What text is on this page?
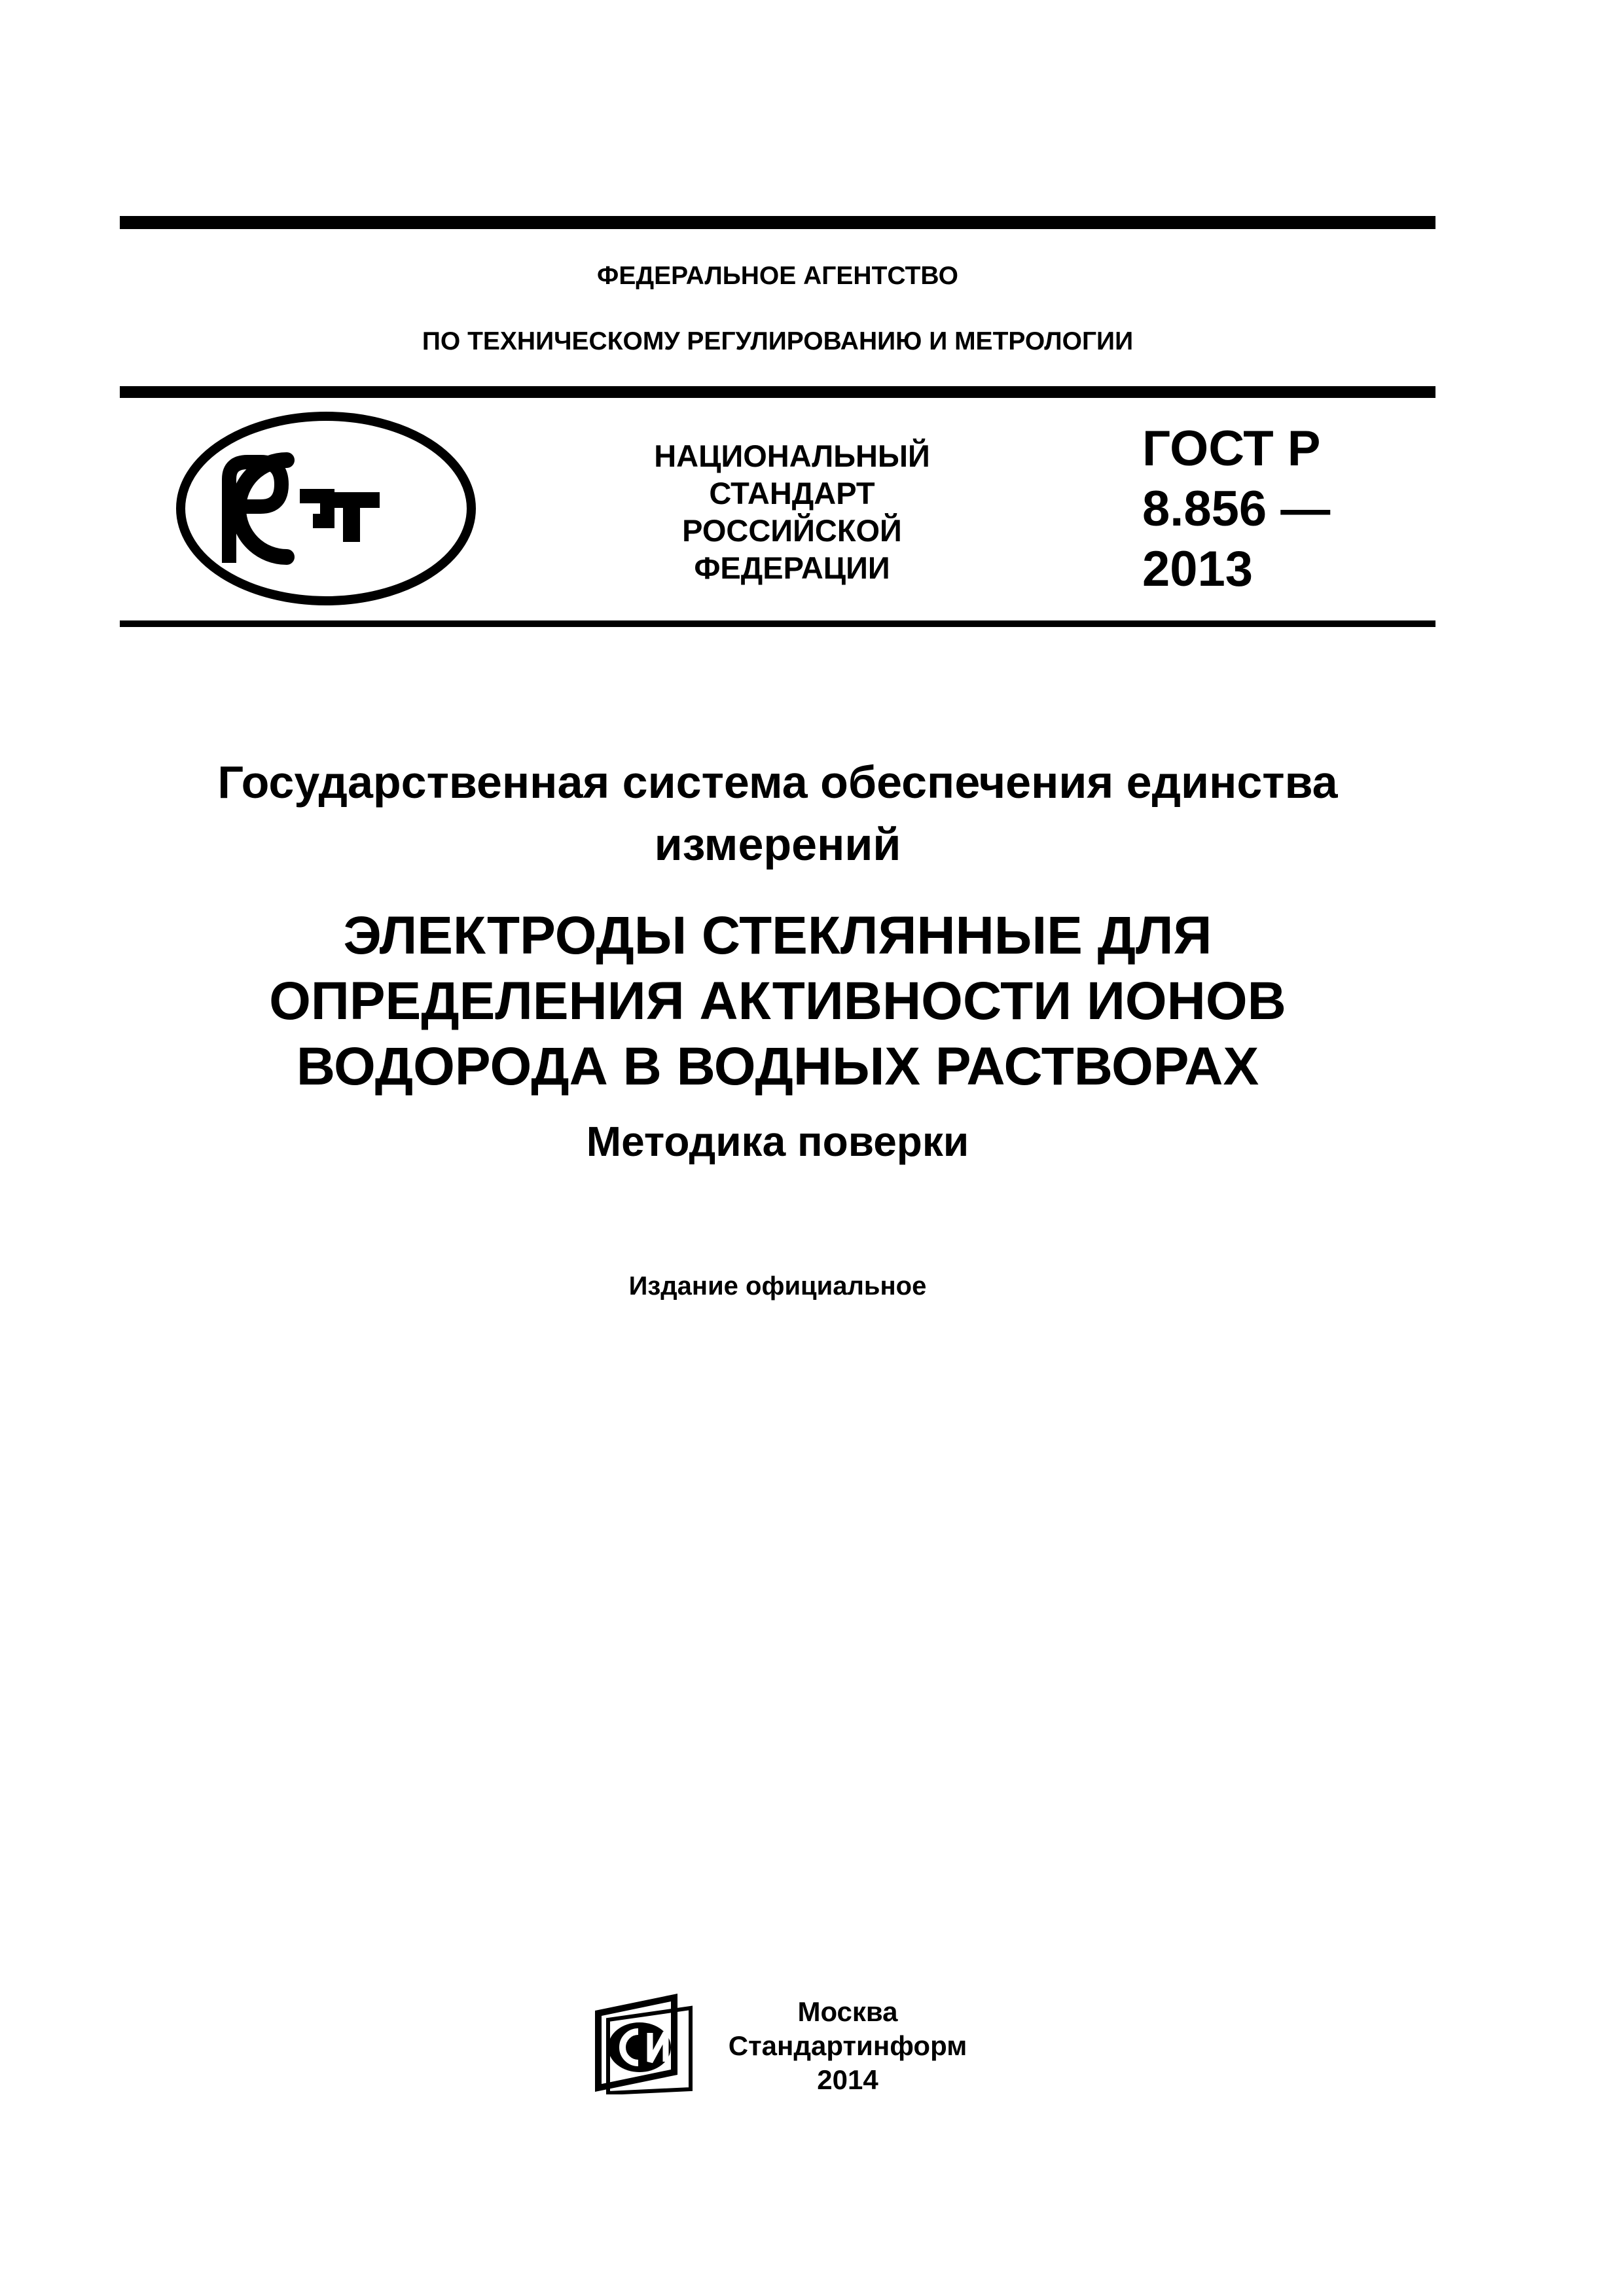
ФЕДЕРАЛЬНОЕ АГЕНТСТВО
ПО ТЕХНИЧЕСКОМУ РЕГУЛИРОВАНИЮ И МЕТРОЛОГИИ
НАЦИОНАЛЬНЫЙ
СТАНДАРТ
РОССИЙСКОЙ
ФЕДЕРАЦИИ
ГОСТ Р
8.856 —
2013
Государственная система обеспечения единства измерений
ЭЛЕКТРОДЫ СТЕКЛЯННЫЕ ДЛЯ
ОПРЕДЕЛЕНИЯ АКТИВНОСТИ ИОНОВ
ВОДОРОДА В ВОДНЫХ РАСТВОРАХ
Методика поверки
Издание официальное
Москва
Стандартинформ
2014
